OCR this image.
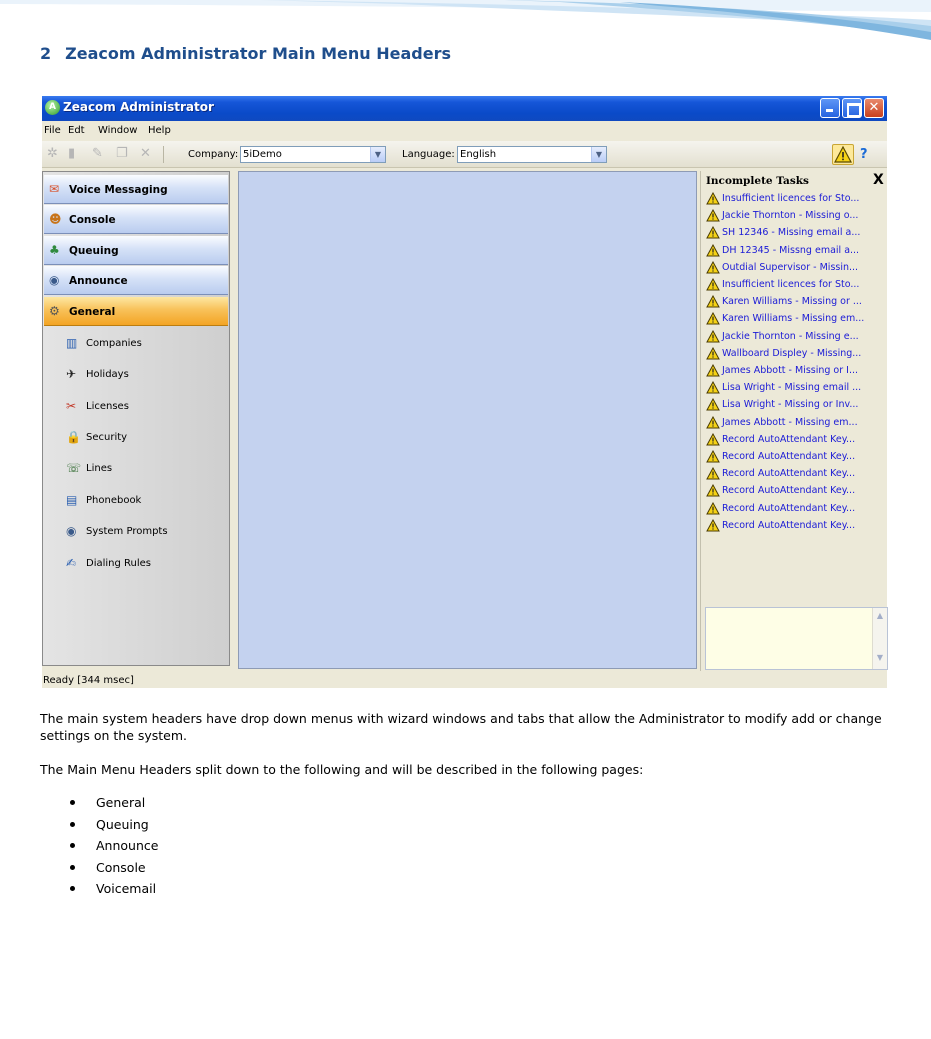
2 Zeacom Administrator Main Menu Headers
A Zeacom Administrator	✕
File Edt Window Help
✲ ▮	✎ ❐ ✕	Company: 5iDemo	▼	Language: English	▼	?
✉ Voice Messaging
☻ Console
♣ Queuing
◉ Announce
⚙ General
▥ Companies
✈ Holidays
✂ Licenses
🔒 Security
☏ Lines
▤ Phonebook
◉ System Prompts
✍ Dialing Rules
Incomplete Tasks	X
Insufficient licences for Sto...
Jackie Thornton - Missing o...
SH 12346 - Missing email a...
DH 12345 - Missng email a...
Outdial Supervisor - Missin...
Insufficient licences for Sto...
Karen Williams - Missing or ...
Karen Williams - Missing em...
Jackie Thornton - Missing e...
Wallboard Displey - Missing...
James Abbott - Missing or I...
Lisa Wright - Missing email ...
Lisa Wright - Missing or Inv...
James Abbott - Missing em...
Record AutoAttendant Key...
Record AutoAttendant Key...
Record AutoAttendant Key...
Record AutoAttendant Key...
Record AutoAttendant Key...
Record AutoAttendant Key...
▲
▼
Ready [344 msec]
The main system headers have drop down menus with wizard windows and tabs that allow the Administrator to modify add or change settings on the system.
The Main Menu Headers split down to the following and will be described in the following pages:
General
Queuing
Announce
Console
Voicemail
